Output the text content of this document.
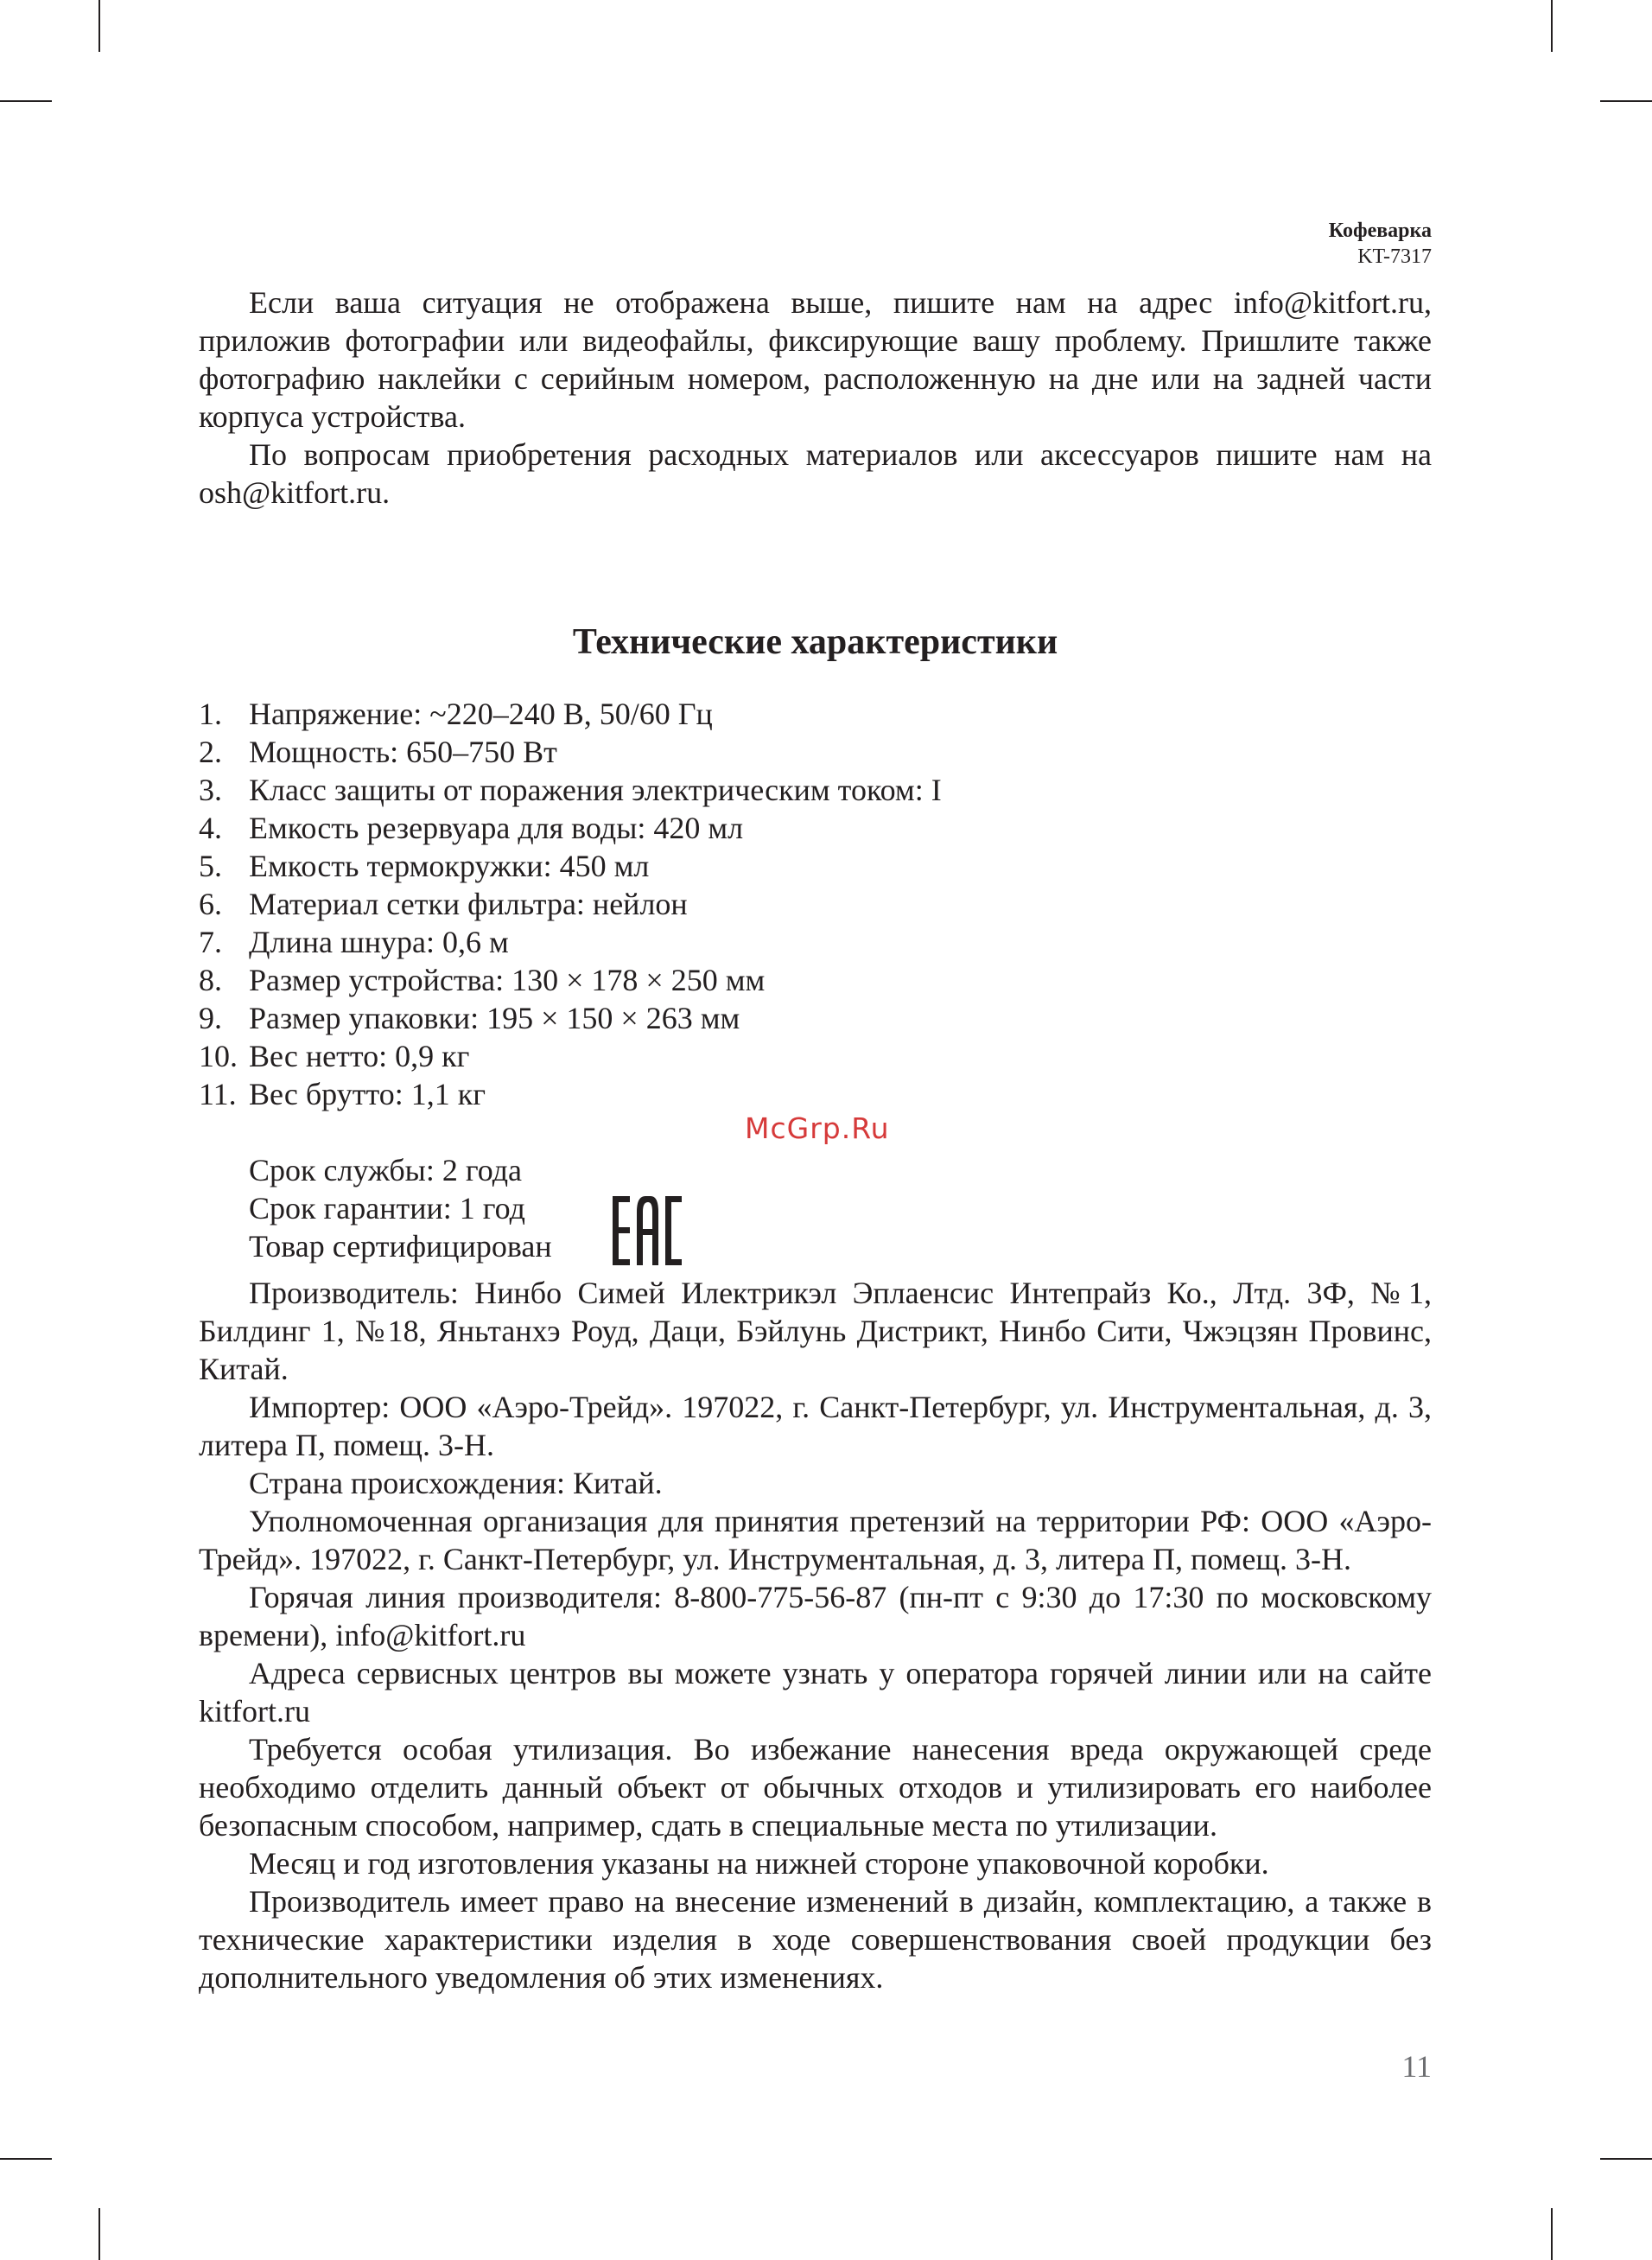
Кофеварка
KT-7317

Если ваша ситуация не отображена выше, пишите нам на адрес info@kitfort.ru, приложив фотографии или видеофайлы, фиксирующие вашу проблему. Пришлите также фотографию наклейки с серийным номером, расположенную на дне или на задней части корпуса устройства.

По вопросам приобретения расходных материалов или аксессуаров пишите нам на osh@kitfort.ru.

Технические характеристики
1. Напряжение: ~220–240 В, 50/60 Гц
2. Мощность: 650–750 Вт
3. Класс защиты от поражения электрическим током: I
4. Емкость резервуара для воды: 420 мл
5. Емкость термокружки: 450 мл
6. Материал сетки фильтра: нейлон
7. Длина шнура: 0,6 м
8. Размер устройства: 130 × 178 × 250 мм
9. Размер упаковки: 195 × 150 × 263 мм
10. Вес нетто: 0,9 кг
11. Вес брутто: 1,1 кг

Срок службы: 2 года

Срок гарантии: 1 год

Товар сертифицирован

Производитель: Нинбо Симей Илектрикэл Эплаенсис Интепрайз Ко., Лтд. 3Ф, №1, Билдинг 1, №18, Яньтанхэ Роуд, Даци, Бэйлунь Дистрикт, Нинбо Сити, Чжэцзян Провинс, Китай.

Импортер: ООО «Аэро-Трейд». 197022, г. Санкт-Петербург, ул. Инструментальная, д. 3, литера П, помещ. 3-Н.

Страна происхождения: Китай.

Уполномоченная организация для принятия претензий на территории РФ: ООО «Аэро-Трейд». 197022, г. Санкт-Петербург, ул. Инструментальная, д. 3, литера П, помещ. 3-Н.

Горячая линия производителя: 8-800-775-56-87 (пн-пт с 9:30 до 17:30 по московскому времени), info@kitfort.ru

Адреса сервисных центров вы можете узнать у оператора горячей линии или на сайте kitfort.ru

Требуется особая утилизация. Во избежание нанесения вреда окружающей среде необходимо отделить данный объект от обычных отходов и утилизировать его наиболее безопасным способом, например, сдать в специальные места по утилизации.

Месяц и год изготовления указаны на нижней стороне упаковочной коробки.

Производитель имеет право на внесение изменений в дизайн, комплектацию, а также в технические характеристики изделия в ходе совершенствования своей продукции без дополнительного уведомления об этих изменениях.

McGrp.Ru
11
